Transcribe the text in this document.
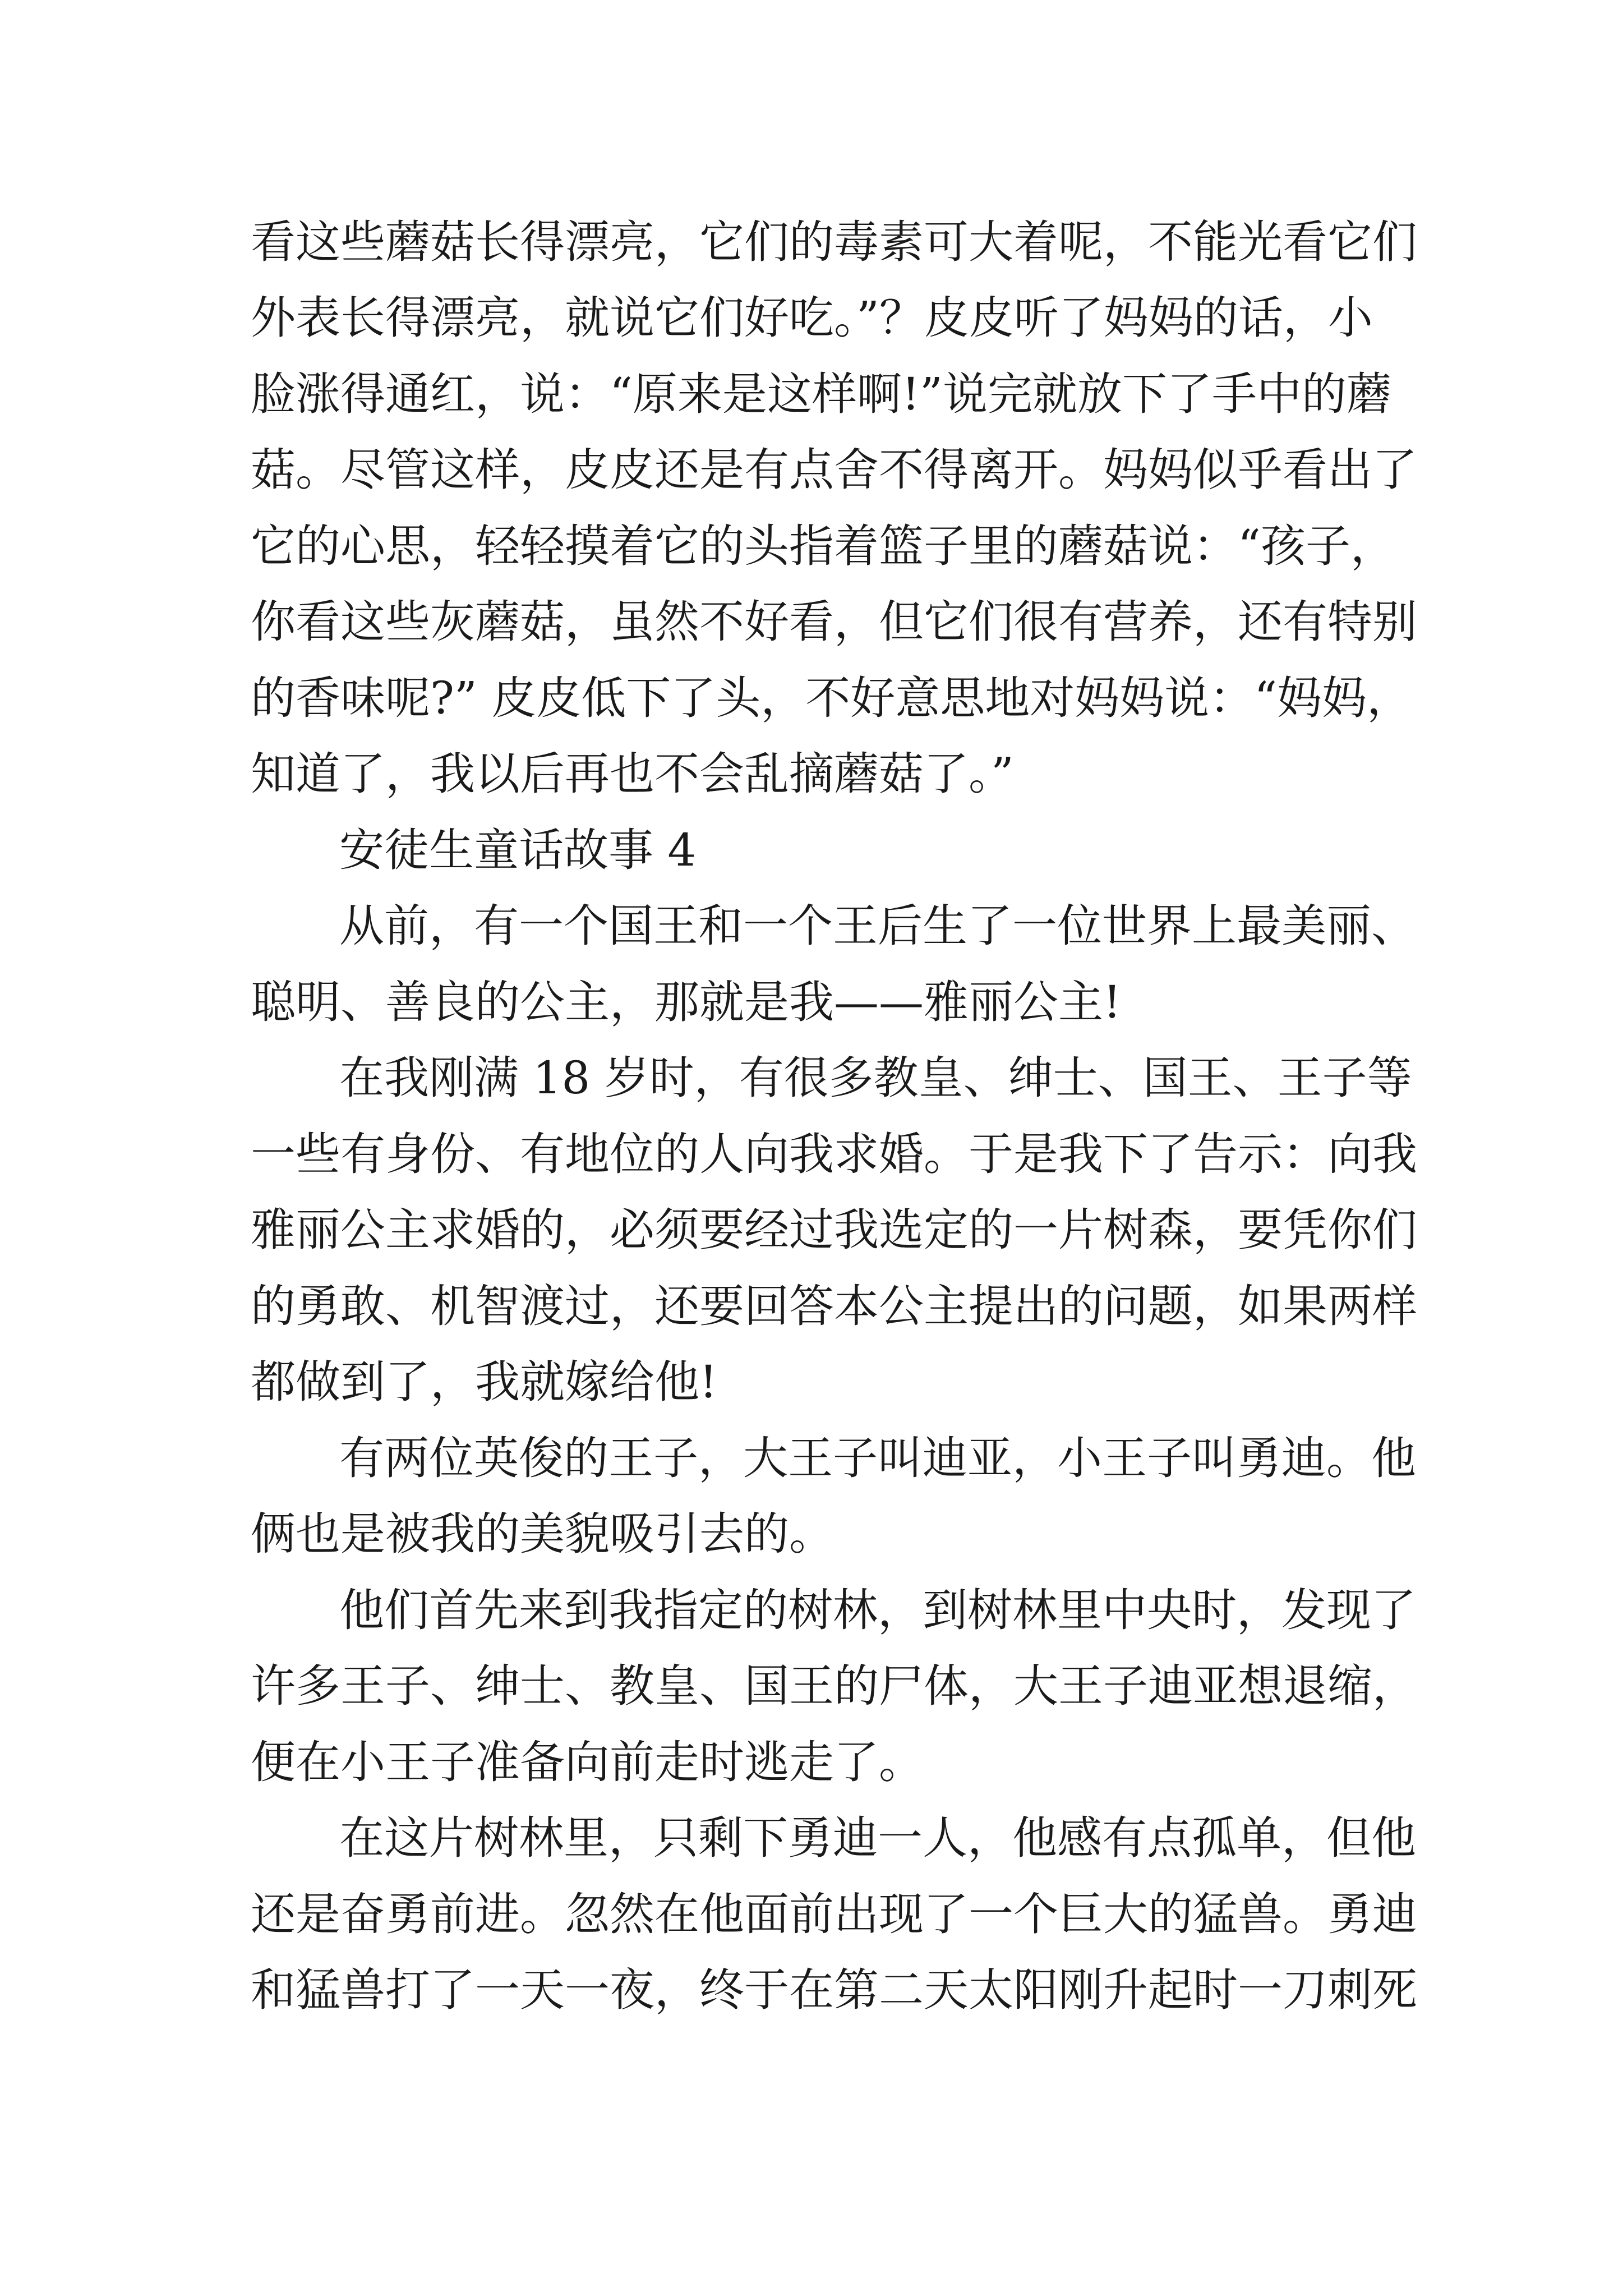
看这些蘑菇长得漂亮，它们的毒素可大着呢，不能光看它们
外表长得漂亮，就说它们好吃。”？皮皮听了妈妈的话，小
脸涨得通红，说：“原来是这样啊!”说完就放下了手中的蘑
菇。尽管这样，皮皮还是有点舍不得离开。妈妈似乎看出了
它的心思，轻轻摸着它的头指着篮子里的蘑菇说：“孩子，
你看这些灰蘑菇，虽然不好看，但它们很有营养，还有特别
的香味呢?” 皮皮低下了头，不好意思地对妈妈说：“妈妈，
知道了，我以后再也不会乱摘蘑菇了。”
安徒生童话故事 4
从前，有一个国王和一个王后生了一位世界上最美丽、
聪明、善良的公主，那就是我——雅丽公主!
在我刚满 18 岁时，有很多教皇、绅士、国王、王子等
一些有身份、有地位的人向我求婚。于是我下了告示：向我
雅丽公主求婚的，必须要经过我选定的一片树森，要凭你们
的勇敢、机智渡过，还要回答本公主提出的问题，如果两样
都做到了，我就嫁给他!
有两位英俊的王子，大王子叫迪亚，小王子叫勇迪。他
俩也是被我的美貌吸引去的。
他们首先来到我指定的树林，到树林里中央时，发现了
许多王子、绅士、教皇、国王的尸体，大王子迪亚想退缩，
便在小王子准备向前走时逃走了。
在这片树林里，只剩下勇迪一人，他感有点孤单，但他
还是奋勇前进。忽然在他面前出现了一个巨大的猛兽。勇迪
和猛兽打了一天一夜，终于在第二天太阳刚升起时一刀刺死
